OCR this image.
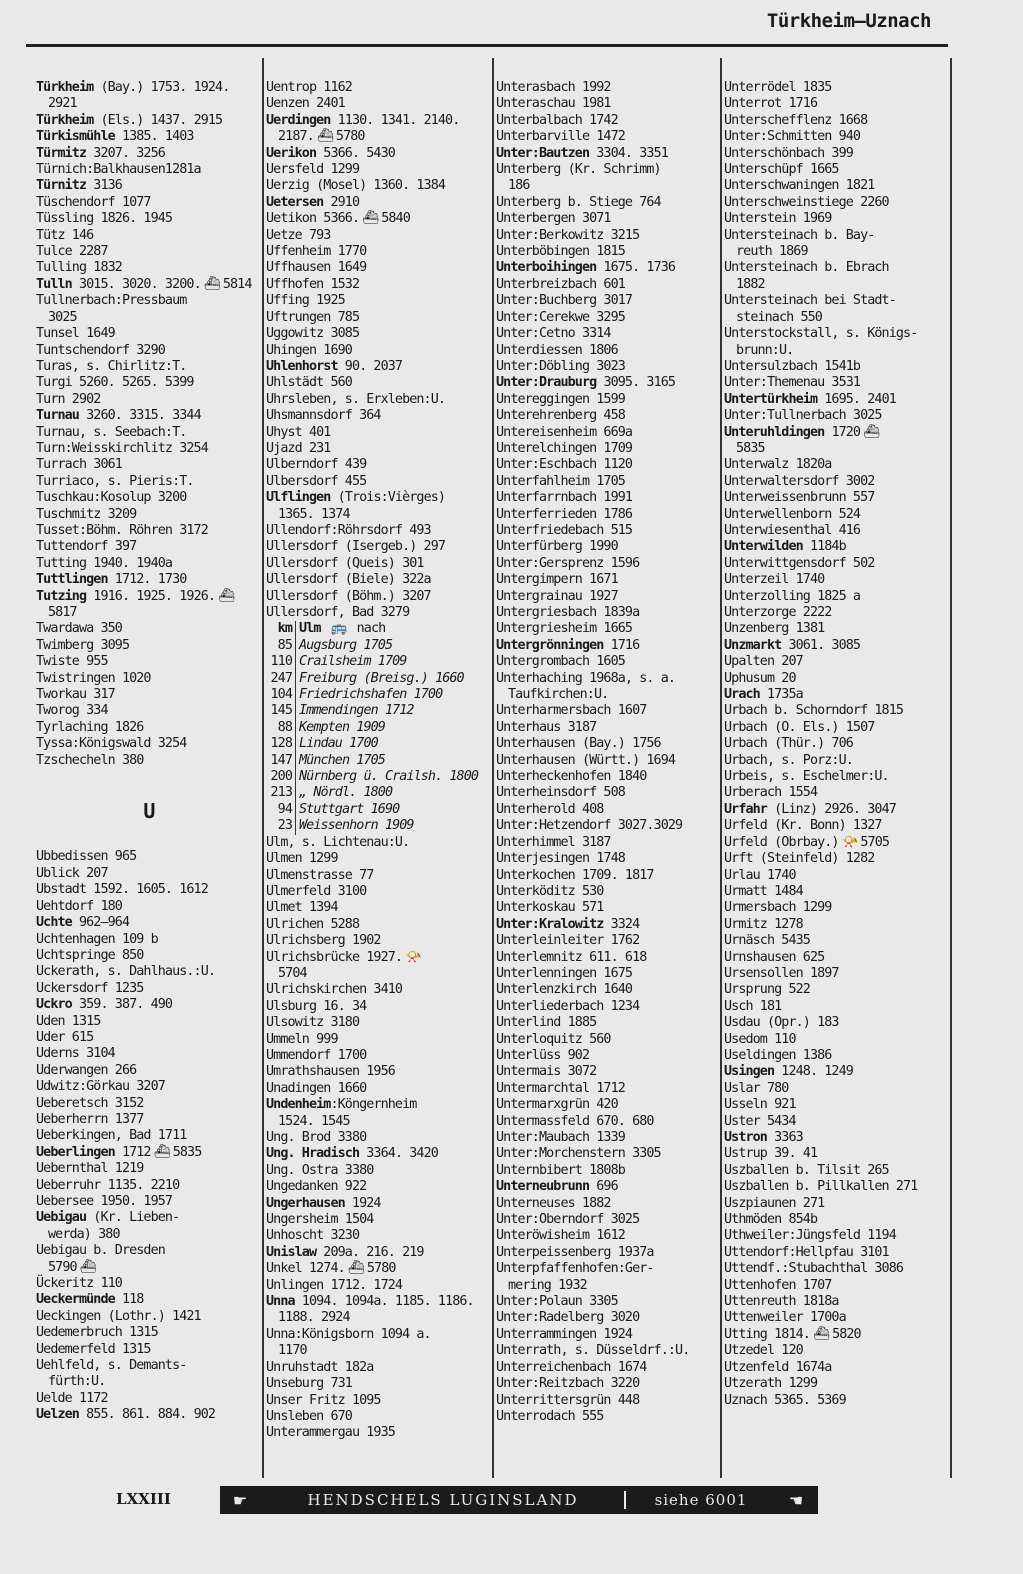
Türkheim—Uznach
Türkheim (Bay.) 1753. 1924.
2921
Türkheim (Els.) 1437. 2915
Türkismühle 1385. 1403
Türmitz 3207. 3256
Türnich:Balkhausen1281a
Türnitz 3136
Tüschendorf 1077
Tüssling 1826. 1945
Tütz 146
Tulce 2287
Tulling 1832
Tulln 3015. 3020. 3200. ⛴ 5814
Tullnerbach:Pressbaum
3025
Tunsel 1649
Tuntschendorf 3290
Turas, s. Chirlitz:T.
Turgi 5260. 5265. 5399
Turn 2902
Turnau 3260. 3315. 3344
Turnau, s. Seebach:T.
Turn:Weisskirchlitz 3254
Turrach 3061
Turriaco, s. Pieris:T.
Tuschkau:Kosolup 3200
Tuschmitz 3209
Tusset:Böhm. Röhren 3172
Tuttendorf 397
Tutting 1940. 1940a
Tuttlingen 1712. 1730
Tutzing 1916. 1925. 1926. ⛴
5817
Twardawa 350
Twimberg 3095
Twiste 955
Twistringen 1020
Tworkau 317
Tworog 334
Tyrlaching 1826
Tyssa:Königswald 3254
Tzschecheln 380
U
Ubbedissen 965
Ublick 207
Ubstadt 1592. 1605. 1612
Uehtdorf 180
Uchte 962—964
Uchtenhagen 109 b
Uchtspringe 850
Uckerath, s. Dahlhaus.:U.
Uckersdorf 1235
Uckro 359. 387. 490
Uden 1315
Uder 615
Uderns 3104
Uderwangen 266
Udwitz:Görkau 3207
Ueberetsch 3152
Ueberherrn 1377
Ueberkingen, Bad 1711
Ueberlingen 1712 ⛴ 5835
Uebernthal 1219
Ueberruhr 1135. 2210
Uebersee 1950. 1957
Uebigau (Kr. Lieben-
werda) 380
Uebigau b. Dresden
5790 ⛴
Ückeritz 110
Ueckermünde 118
Ueckingen (Lothr.) 1421
Uedemerbruch 1315
Uedemerfeld 1315
Uehlfeld, s. Demants-
fürth:U.
Uelde 1172
Uelzen 855. 861. 884. 902
Uentrop 1162
Uenzen 2401
Uerdingen 1130. 1341. 2140.
2187. ⛴ 5780
Uerikon 5366. 5430
Uersfeld 1299
Uerzig (Mosel) 1360. 1384
Uetersen 2910
Uetikon 5366. ⛴ 5840
Uetze 793
Uffenheim 1770
Uffhausen 1649
Uffhofen 1532
Uffing 1925
Uftrungen 785
Uggowitz 3085
Uhingen 1690
Uhlenhorst 90. 2037
Uhlstädt 560
Uhrsleben, s. Erxleben:U.
Uhsmannsdorf 364
Uhyst 401
Ujazd 231
Ulberndorf 439
Ulbersdorf 455
Ulflingen (Trois:Vièrges)
1365. 1374
Ullendorf:Röhrsdorf 493
Ullersdorf (Isergeb.) 297
Ullersdorf (Queis) 301
Ullersdorf (Biele) 322a
Ullersdorf (Böhm.) 3207
Ullersdorf, Bad 3279
km	Ulm 🚌 nach
85	Augsburg 1705
110	Crailsheim 1709
247	Freiburg (Breisg.) 1660
104	Friedrichshafen 1700
145	Immendingen 1712
88	Kempten 1909
128	Lindau 1700
147	München 1705
200	Nürnberg ü. Crailsh. 1800
213	„ Nördl. 1800
94	Stuttgart 1690
23	Weissenhorn 1909
Ulm, s. Lichtenau:U.
Ulmen 1299
Ulmenstrasse 77
Ulmerfeld 3100
Ulmet 1394
Ulrichen 5288
Ulrichsberg 1902
Ulrichsbrücke 1927. 📯
5704
Ulrichskirchen 3410
Ulsburg 16. 34
Ulsowitz 3180
Ummeln 999
Ummendorf 1700
Umrathshausen 1956
Unadingen 1660
Undenheim:Köngernheim
1524. 1545
Ung. Brod 3380
Ung. Hradisch 3364. 3420
Ung. Ostra 3380
Ungedanken 922
Ungerhausen 1924
Ungersheim 1504
Unhoscht 3230
Unislaw 209a. 216. 219
Unkel 1274. ⛴ 5780
Unlingen 1712. 1724
Unna 1094. 1094a. 1185. 1186.
1188. 2924
Unna:Königsborn 1094 a.
1170
Unruhstadt 182a
Unseburg 731
Unser Fritz 1095
Unsleben 670
Unterammergau 1935
Unterasbach 1992
Unteraschau 1981
Unterbalbach 1742
Unterbarville 1472
Unter:Bautzen 3304. 3351
Unterberg (Kr. Schrimm)
186
Unterberg b. Stiege 764
Unterbergen 3071
Unter:Berkowitz 3215
Unterböbingen 1815
Unterboihingen 1675. 1736
Unterbreizbach 601
Unter:Buchberg 3017
Unter:Cerekwe 3295
Unter:Cetno 3314
Unterdiessen 1806
Unter:Döbling 3023
Unter:Drauburg 3095. 3165
Untereggingen 1599
Unterehrenberg 458
Untereisenheim 669a
Unterelchingen 1709
Unter:Eschbach 1120
Unterfahlheim 1705
Unterfarrnbach 1991
Unterferrieden 1786
Unterfriedebach 515
Unterfürberg 1990
Unter:Gersprenz 1596
Untergimpern 1671
Untergrainau 1927
Untergriesbach 1839a
Untergriesheim 1665
Untergrönningen 1716
Untergrombach 1605
Unterhaching 1968a, s. a.
Taufkirchen:U.
Unterharmersbach 1607
Unterhaus 3187
Unterhausen (Bay.) 1756
Unterhausen (Württ.) 1694
Unterheckenhofen 1840
Unterheinsdorf 508
Unterherold 408
Unter:Hetzendorf 3027.3029
Unterhimmel 3187
Unterjesingen 1748
Unterkochen 1709. 1817
Unterköditz 530
Unterkoskau 571
Unter:Kralowitz 3324
Unterleinleiter 1762
Unterlemnitz 611. 618
Unterlenningen 1675
Unterlenzkirch 1640
Unterliederbach 1234
Unterlind 1885
Unterloquitz 560
Unterlüss 902
Untermais 3072
Untermarchtal 1712
Untermarxgrün 420
Untermassfeld 670. 680
Unter:Maubach 1339
Unter:Morchenstern 3305
Unternbibert 1808b
Unterneubrunn 696
Unterneuses 1882
Unter:Oberndorf 3025
Unteröwisheim 1612
Unterpeissenberg 1937a
Unterpfaffenhofen:Ger-
mering 1932
Unter:Polaun 3305
Unter:Radelberg 3020
Unterrammingen 1924
Unterrath, s. Düsseldrf.:U.
Unterreichenbach 1674
Unter:Reitzbach 3220
Unterrittersgrün 448
Unterrodach 555
Unterrödel 1835
Unterrot 1716
Unterschefflenz 1668
Unter:Schmitten 940
Unterschönbach 399
Unterschüpf 1665
Unterschwaningen 1821
Unterschweinstiege 2260
Unterstein 1969
Untersteinach b. Bay-
reuth 1869
Untersteinach b. Ebrach
1882
Untersteinach bei Stadt-
steinach 550
Unterstockstall, s. Königs-
brunn:U.
Untersulzbach 1541b
Unter:Themenau 3531
Untertürkheim 1695. 2401
Unter:Tullnerbach 3025
Unteruhldingen 1720 ⛴
5835
Unterwalz 1820a
Unterwaltersdorf 3002
Unterweissenbrunn 557
Unterwellenborn 524
Unterwiesenthal 416
Unterwilden 1184b
Unterwittgensdorf 502
Unterzeil 1740
Unterzolling 1825 a
Unterzorge 2222
Unzenberg 1381
Unzmarkt 3061. 3085
Upalten 207
Uphusum 20
Urach 1735a
Urbach b. Schorndorf 1815
Urbach (O. Els.) 1507
Urbach (Thür.) 706
Urbach, s. Porz:U.
Urbeis, s. Eschelmer:U.
Urberach 1554
Urfahr (Linz) 2926. 3047
Urfeld (Kr. Bonn) 1327
Urfeld (Obrbay.) 📯 5705
Urft (Steinfeld) 1282
Urlau 1740
Urmatt 1484
Urmersbach 1299
Urmitz 1278
Urnäsch 5435
Urnshausen 625
Ursensollen 1897
Ursprung 522
Usch 181
Usdau (Opr.) 183
Usedom 110
Useldingen 1386
Usingen 1248. 1249
Uslar 780
Usseln 921
Uster 5434
Ustron 3363
Ustrup 39. 41
Uszballen b. Tilsit 265
Uszballen b. Pillkallen 271
Uszpiaunen 271
Uthmöden 854b
Uthweiler:Jüngsfeld 1194
Uttendorf:Hellpfau 3101
Uttendf.:Stubachthal 3086
Uttenhofen 1707
Uttenreuth 1818a
Uttenweiler 1700a
Utting 1814. ⛴ 5820
Utzedel 120
Utzenfeld 1674a
Utzerath 1299
Uznach 5365. 5369
LXXIII	☛	HENDSCHELS LUGINSLAND	siehe 6001	☚
